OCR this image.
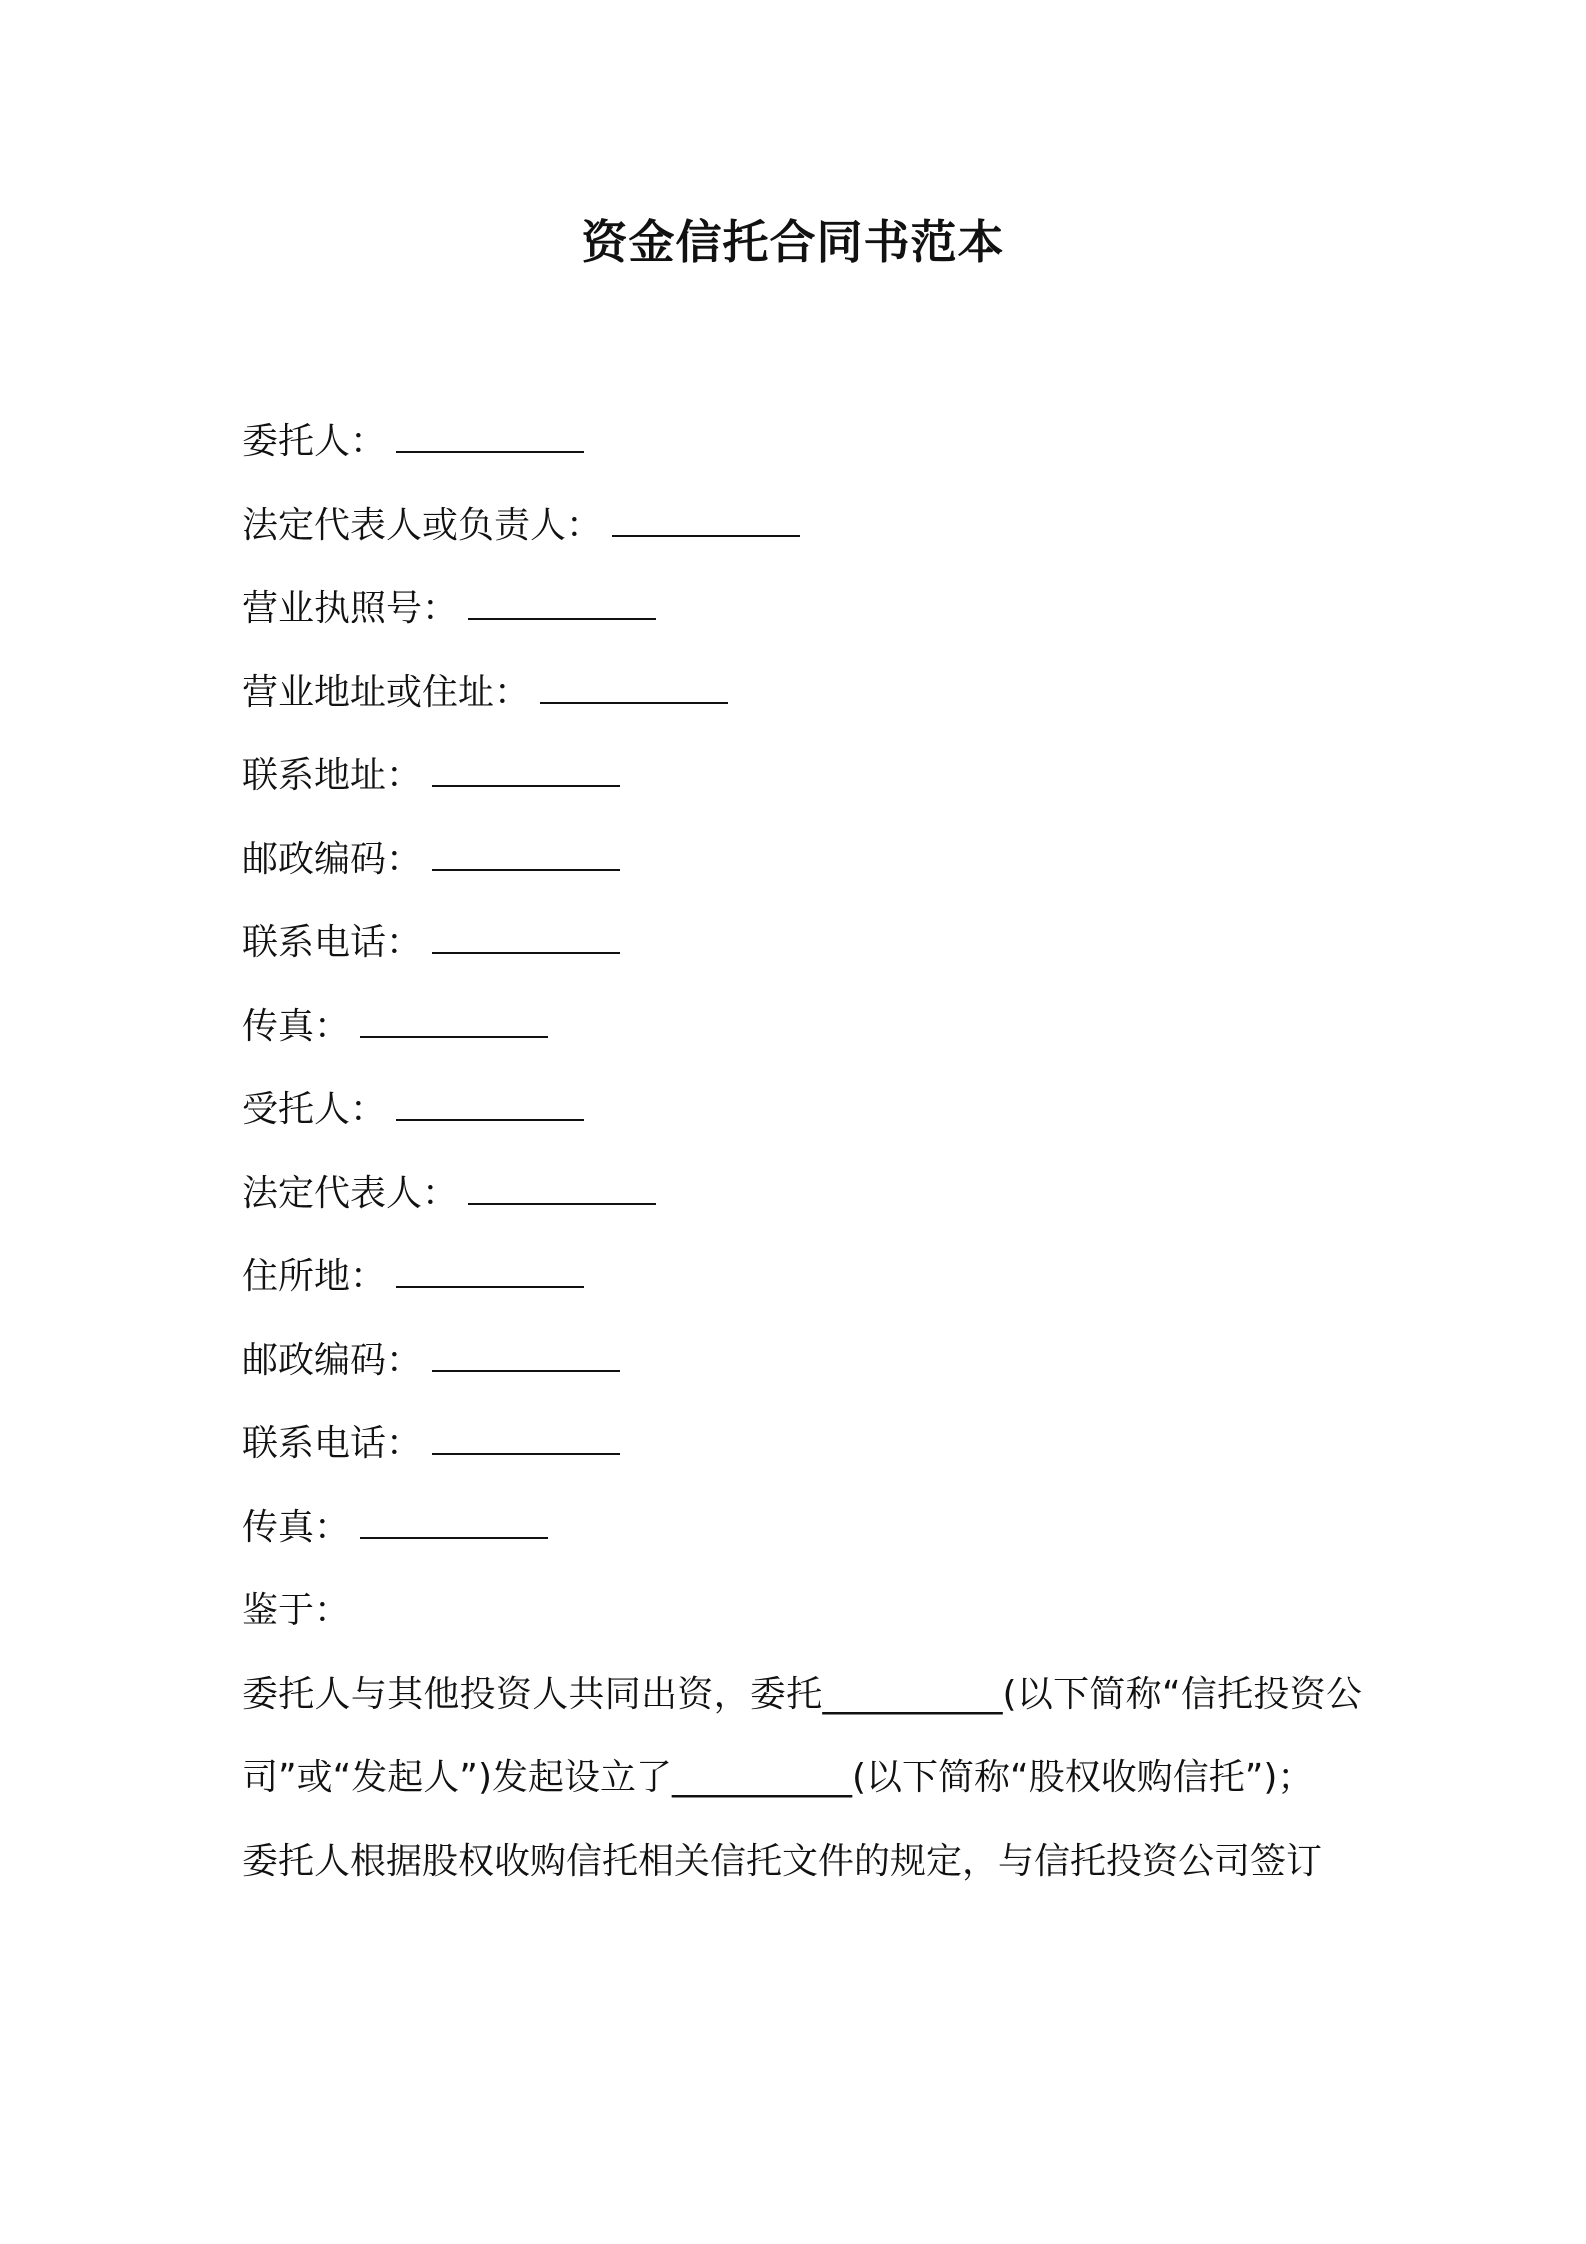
资金信托合同书范本
委托人：
法定代表人或负责人：
营业执照号：
营业地址或住址：
联系地址：
邮政编码：
联系电话：
传真：
受托人：
法定代表人：
住所地：
邮政编码：
联系电话：
传真：
鉴于：
委托人与其他投资人共同出资，委托__________(以下简称“信托投资公司”或“发起人”)发起设立了__________(以下简称“股权收购信托”)；
委托人根据股权收购信托相关信托文件的规定，与信托投资公司签订
